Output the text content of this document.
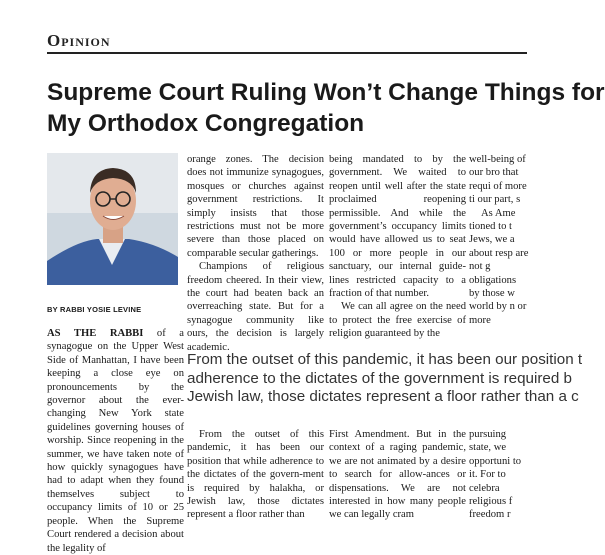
Opinion
Supreme Court Ruling Won’t Change Things for
My Orthodox Congregation
BY RABBI YOSIE LEVINE

AS THE RABBI of a synagogue on the Upper West Side of Manhattan, I have been keeping a close eye on pronouncements by the governor about the ever-changing New York state guidelines governing houses of worship. Since reopening in the summer, we have taken note of how quickly synagogues have had to adapt when they found themselves subject to occupancy limits of 10 or 25 people. When the Supreme Court rendered a decision about the legality of

orange zones. The decision does not immunize synagogues, mosques or churches against government restrictions. It simply insists that those restrictions must not be more severe than those placed on comparable secular gatherings.

Champions of religious freedom cheered. In their view, the court had beaten back an overreaching state. But for a synagogue community like ours, the decision is largely academic.

being mandated to by the government. We waited to reopen until well after the state proclaimed reopening permissible. And while the government’s occupancy limits would have allowed us to seat 100 or more people in our sanctuary, our internal guide-lines restricted capacity to a fraction of that number.

We can all agree on the need to protect the free exercise of religion guaranteed by the

well-being of our bro that requi of more ti our part, s

As Ame tioned to t Jews, we a about resp are not g obligations by those w world by n or more

From the outset of this pandemic, it has been our position t
adherence to the dictates of the government is required b
Jewish law, those dictates represent a floor rather than a c

From the outset of this pandemic, it has been our position that while adherence to the dictates of the govern-ment is required by halakha, or Jewish law, those dictates represent a floor rather than

First Amendment. But in the context of a raging pandemic, we are not animated by a desire to search for allow-ances or dispensations. We are not interested in how many people we can legally cram

pursuing state, we opportuni to it. For to celebra religious f freedom r
